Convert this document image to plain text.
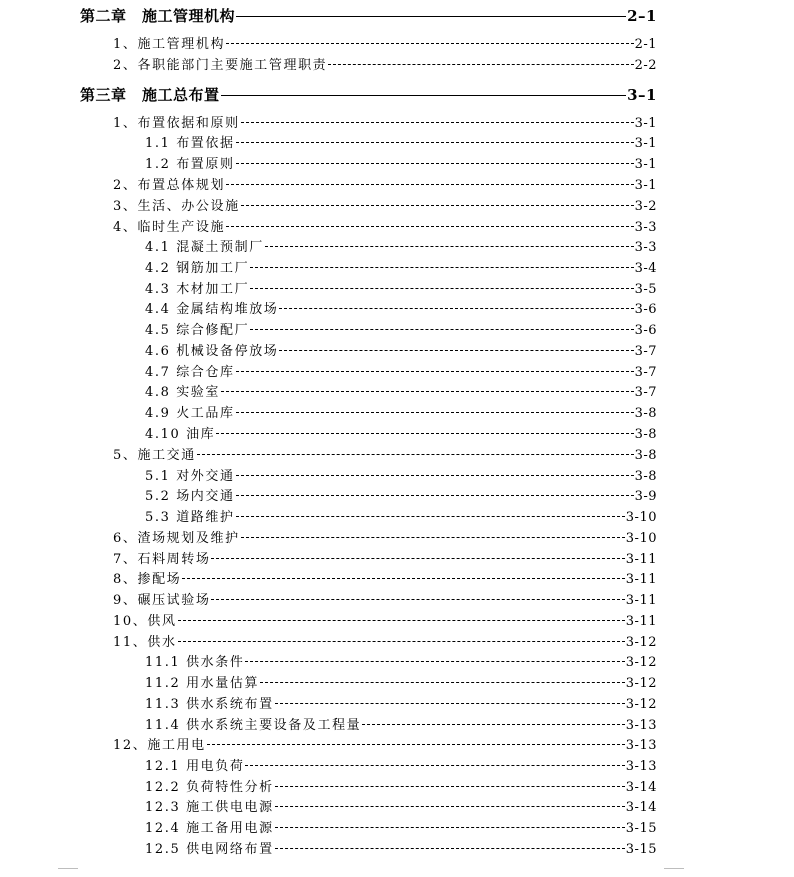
第二章　施工管理机构	2–1
1、施工管理机构	2-1
2、各职能部门主要施工管理职责	2-2
第三章　施工总布置	3–1
1、布置依据和原则	3-1
1.1 布置依据	3-1
1.2 布置原则	3-1
2、布置总体规划	3-1
3、生活、办公设施	3-2
4、临时生产设施	3-3
4.1 混凝土预制厂	3-3
4.2 钢筋加工厂	3-4
4.3 木材加工厂	3-5
4.4 金属结构堆放场	3-6
4.5 综合修配厂	3-6
4.6 机械设备停放场	3-7
4.7 综合仓库	3-7
4.8 实验室	3-7
4.9 火工品库	3-8
4.10 油库	3-8
5、施工交通	3-8
5.1 对外交通	3-8
5.2 场内交通	3-9
5.3 道路维护	3-10
6、渣场规划及维护	3-10
7、石料周转场	3-11
8、掺配场	3-11
9、碾压试验场	3-11
10、供风	3-11
11、供水	3-12
11.1 供水条件	3-12
11.2 用水量估算	3-12
11.3 供水系统布置	3-12
11.4 供水系统主要设备及工程量	3-13
12、施工用电	3-13
12.1 用电负荷	3-13
12.2 负荷特性分析	3-14
12.3 施工供电电源	3-14
12.4 施工备用电源	3-15
12.5 供电网络布置	3-15
